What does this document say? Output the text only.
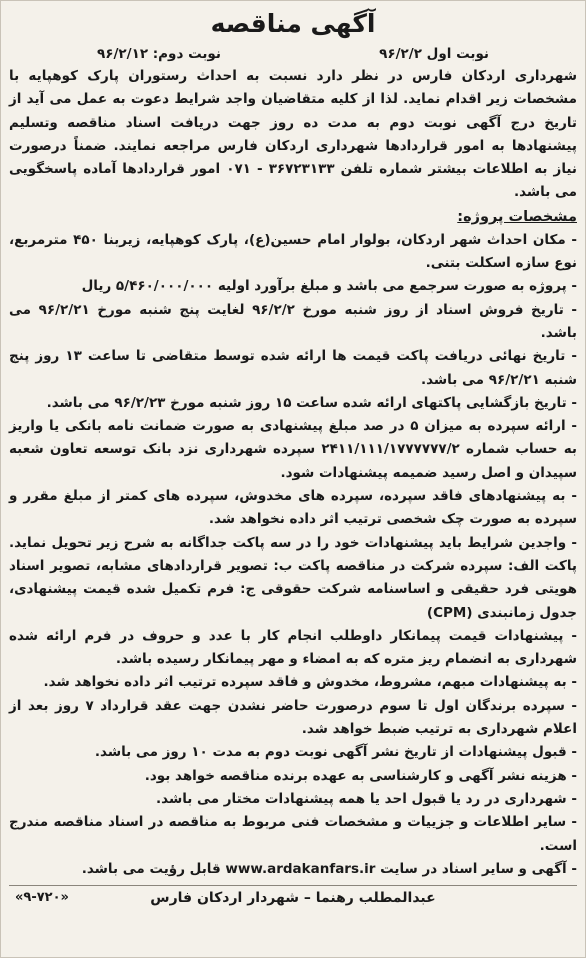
آگهی مناقصه
نوبت اول ۹۶/۲/۲
نوبت دوم: ۹۶/۲/۱۲

شهرداری اردکان فارس در نظر دارد نسبت به احداث رستوران پارک کوهپایه با مشخصات زیر اقدام نماید. لذا از کلیه متقاضیان واجد شرایط دعوت به عمل می آید از تاریخ درج آگهی نوبت دوم به مدت ده روز جهت دریافت اسناد مناقصه وتسلیم پیشنهادها به امور قراردادها شهرداری اردکان فارس مراجعه نمایند. ضمناً درصورت نیاز به اطلاعات بیشتر شماره تلفن ۳۶۷۲۳۱۳۳ - ۰۷۱ امور قراردادها آماده پاسخگویی می باشد.

مشخصات پروژه:
- مکان احداث شهر اردکان، بولوار امام حسین(ع)، پارک کوهپایه، زیربنا ۴۵۰ مترمربع، نوع سازه اسکلت بتنی.
- پروژه به صورت سرجمع می باشد و مبلغ برآورد اولیه ۵/۴۶۰/۰۰۰/۰۰۰ ریال
- تاریخ فروش اسناد از روز شنبه مورخ ۹۶/۲/۲ لغایت پنج شنبه مورخ ۹۶/۲/۲۱ می باشد.
- تاریخ نهائی دریافت پاکت قیمت ها ارائه شده توسط متقاضی تا ساعت ۱۳ روز پنج شنبه ۹۶/۲/۲۱ می باشد.
- تاریخ بازگشایی پاکتهای ارائه شده ساعت ۱۵ روز شنبه مورخ ۹۶/۲/۲۳ می باشد.
- ارائه سپرده به میزان ۵ در صد مبلغ پیشنهادی به صورت ضمانت نامه بانکی یا واریز به حساب شماره ۲۴۱۱/۱۱۱/۱۷۷۷۷۷۷/۲ سپرده شهرداری نزد بانک توسعه تعاون شعبه سپیدان و اصل رسید ضمیمه پیشنهادات شود.
- به پیشنهادهای فاقد سپرده، سپرده های مخدوش، سپرده های کمتر از مبلغ مقرر و سپرده به صورت چک شخصی ترتیب اثر داده نخواهد شد.
- واجدین شرایط باید پیشنهادات خود را در سه پاکت جداگانه به شرح زیر تحویل نماید. پاکت الف: سپرده شرکت در مناقصه پاکت ب: تصویر قراردادهای مشابه، تصویر اسناد هویتی فرد حقیقی و اساسنامه شرکت حقوقی ج: فرم تکمیل شده قیمت پیشنهادی، جدول زمانبندی (CPM)
- پیشنهادات قیمت پیمانکار داوطلب انجام کار با عدد و حروف در فرم ارائه شده شهرداری به انضمام ریز متره که به امضاء و مهر پیمانکار رسیده باشد.
- به پیشنهادات مبهم، مشروط، مخدوش و فاقد سپرده ترتیب اثر داده نخواهد شد.
- سپرده برندگان اول تا سوم درصورت حاضر نشدن جهت عقد قرارداد ۷ روز بعد از اعلام شهرداری به ترتیب ضبط خواهد شد.
- قبول پیشنهادات از تاریخ نشر آگهی نوبت دوم به مدت ۱۰ روز می باشد.
- هزینه نشر آگهی و کارشناسی به عهده برنده مناقصه خواهد بود.
- شهرداری در رد یا قبول احد یا همه پیشنهادات مختار می باشد.
- سایر اطلاعات و جزییات و مشخصات فنی مربوط به مناقصه در اسناد مناقصه مندرج است.
- آگهی و سایر اسناد در سایت www.ardakanfars.ir قابل رؤیت می باشد.
عبدالمطلب رهنما – شهردار اردکان فارس
«۹-۷۲۰»
